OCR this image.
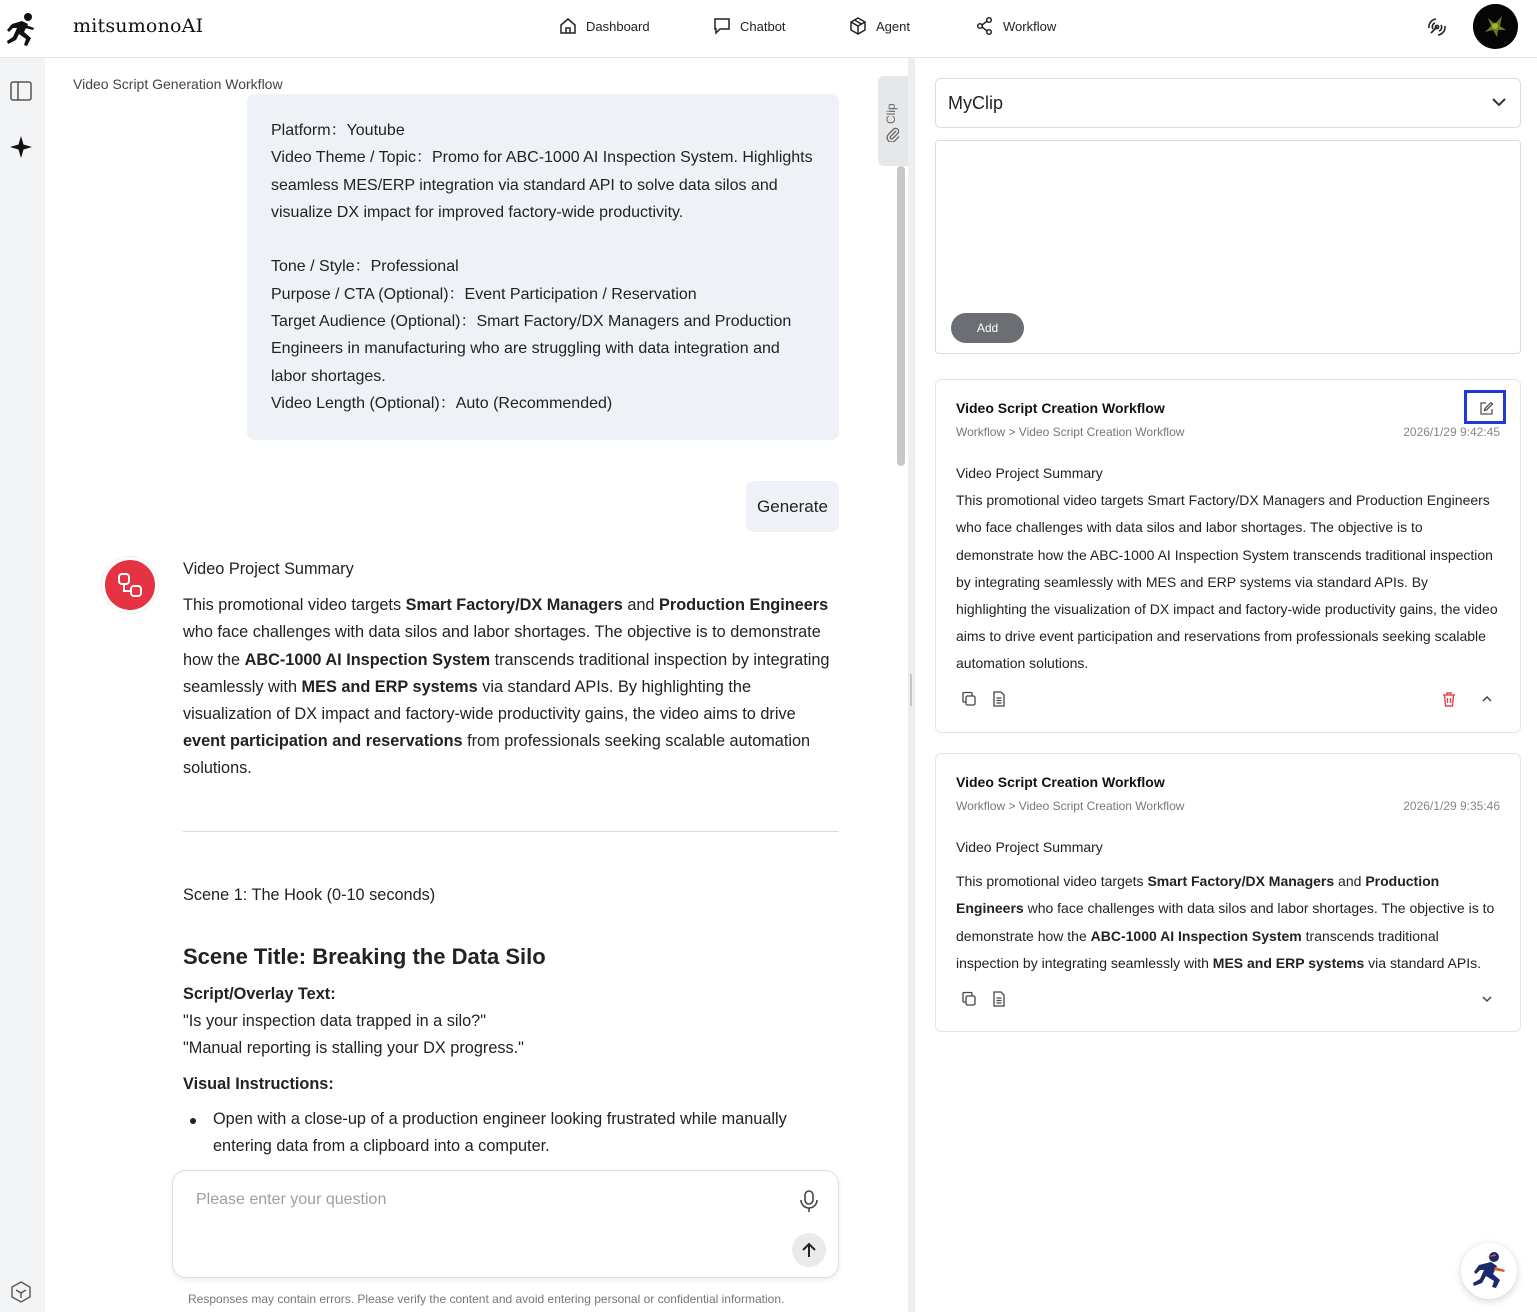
mitsumonoAI	Dashboard	Chatbot	Agent	Workflow
Video Script Generation Workflow

Platform：Youtube
Video Theme / Topic：Promo for ABC-1000 AI Inspection System. Highlights seamless MES/ERP integration via standard API to solve data silos and visualize DX impact for improved factory-wide productivity.

Tone / Style：Professional
Purpose / CTA (Optional)：Event Participation / Reservation
Target Audience (Optional)：Smart Factory/DX Managers and Production Engineers in manufacturing who are struggling with data integration and labor shortages.
Video Length (Optional)：Auto (Recommended)

Generate
Video Project Summary
This promotional video targets Smart Factory/DX Managers and Production Engineers who face challenges with data silos and labor shortages. The objective is to demonstrate how the ABC-1000 AI Inspection System transcends traditional inspection by integrating seamlessly with MES and ERP systems via standard APIs. By highlighting the visualization of DX impact and factory-wide productivity gains, the video aims to drive event participation and reservations from professionals seeking scalable automation solutions.
Scene 1: The Hook (0-10 seconds)
Scene Title: Breaking the Data Silo
Script/Overlay Text:
"Is your inspection data trapped in a silo?"
"Manual reporting is stalling your DX progress."
Visual Instructions:
Open with a close-up of a production engineer looking frustrated while manually entering data from a clipboard into a computer.
Please enter your question
Responses may contain errors. Please verify the content and avoid entering personal or confidential information.
Clip
MyClip
Add
Video Script Creation Workflow
Workflow > Video Script Creation Workflow	2026/1/29 9:42:45
Video Project Summary
This promotional video targets Smart Factory/DX Managers and Production Engineers who face challenges with data silos and labor shortages. The objective is to demonstrate how the ABC-1000 AI Inspection System transcends traditional inspection by integrating seamlessly with MES and ERP systems via standard APIs. By highlighting the visualization of DX impact and factory-wide productivity gains, the video aims to drive event participation and reservations from professionals seeking scalable automation solutions.
Video Script Creation Workflow
Workflow > Video Script Creation Workflow	2026/1/29 9:35:46
Video Project Summary
This promotional video targets Smart Factory/DX Managers and Production Engineers who face challenges with data silos and labor shortages. The objective is to demonstrate how the ABC-1000 AI Inspection System transcends traditional inspection by integrating seamlessly with MES and ERP systems via standard APIs.
